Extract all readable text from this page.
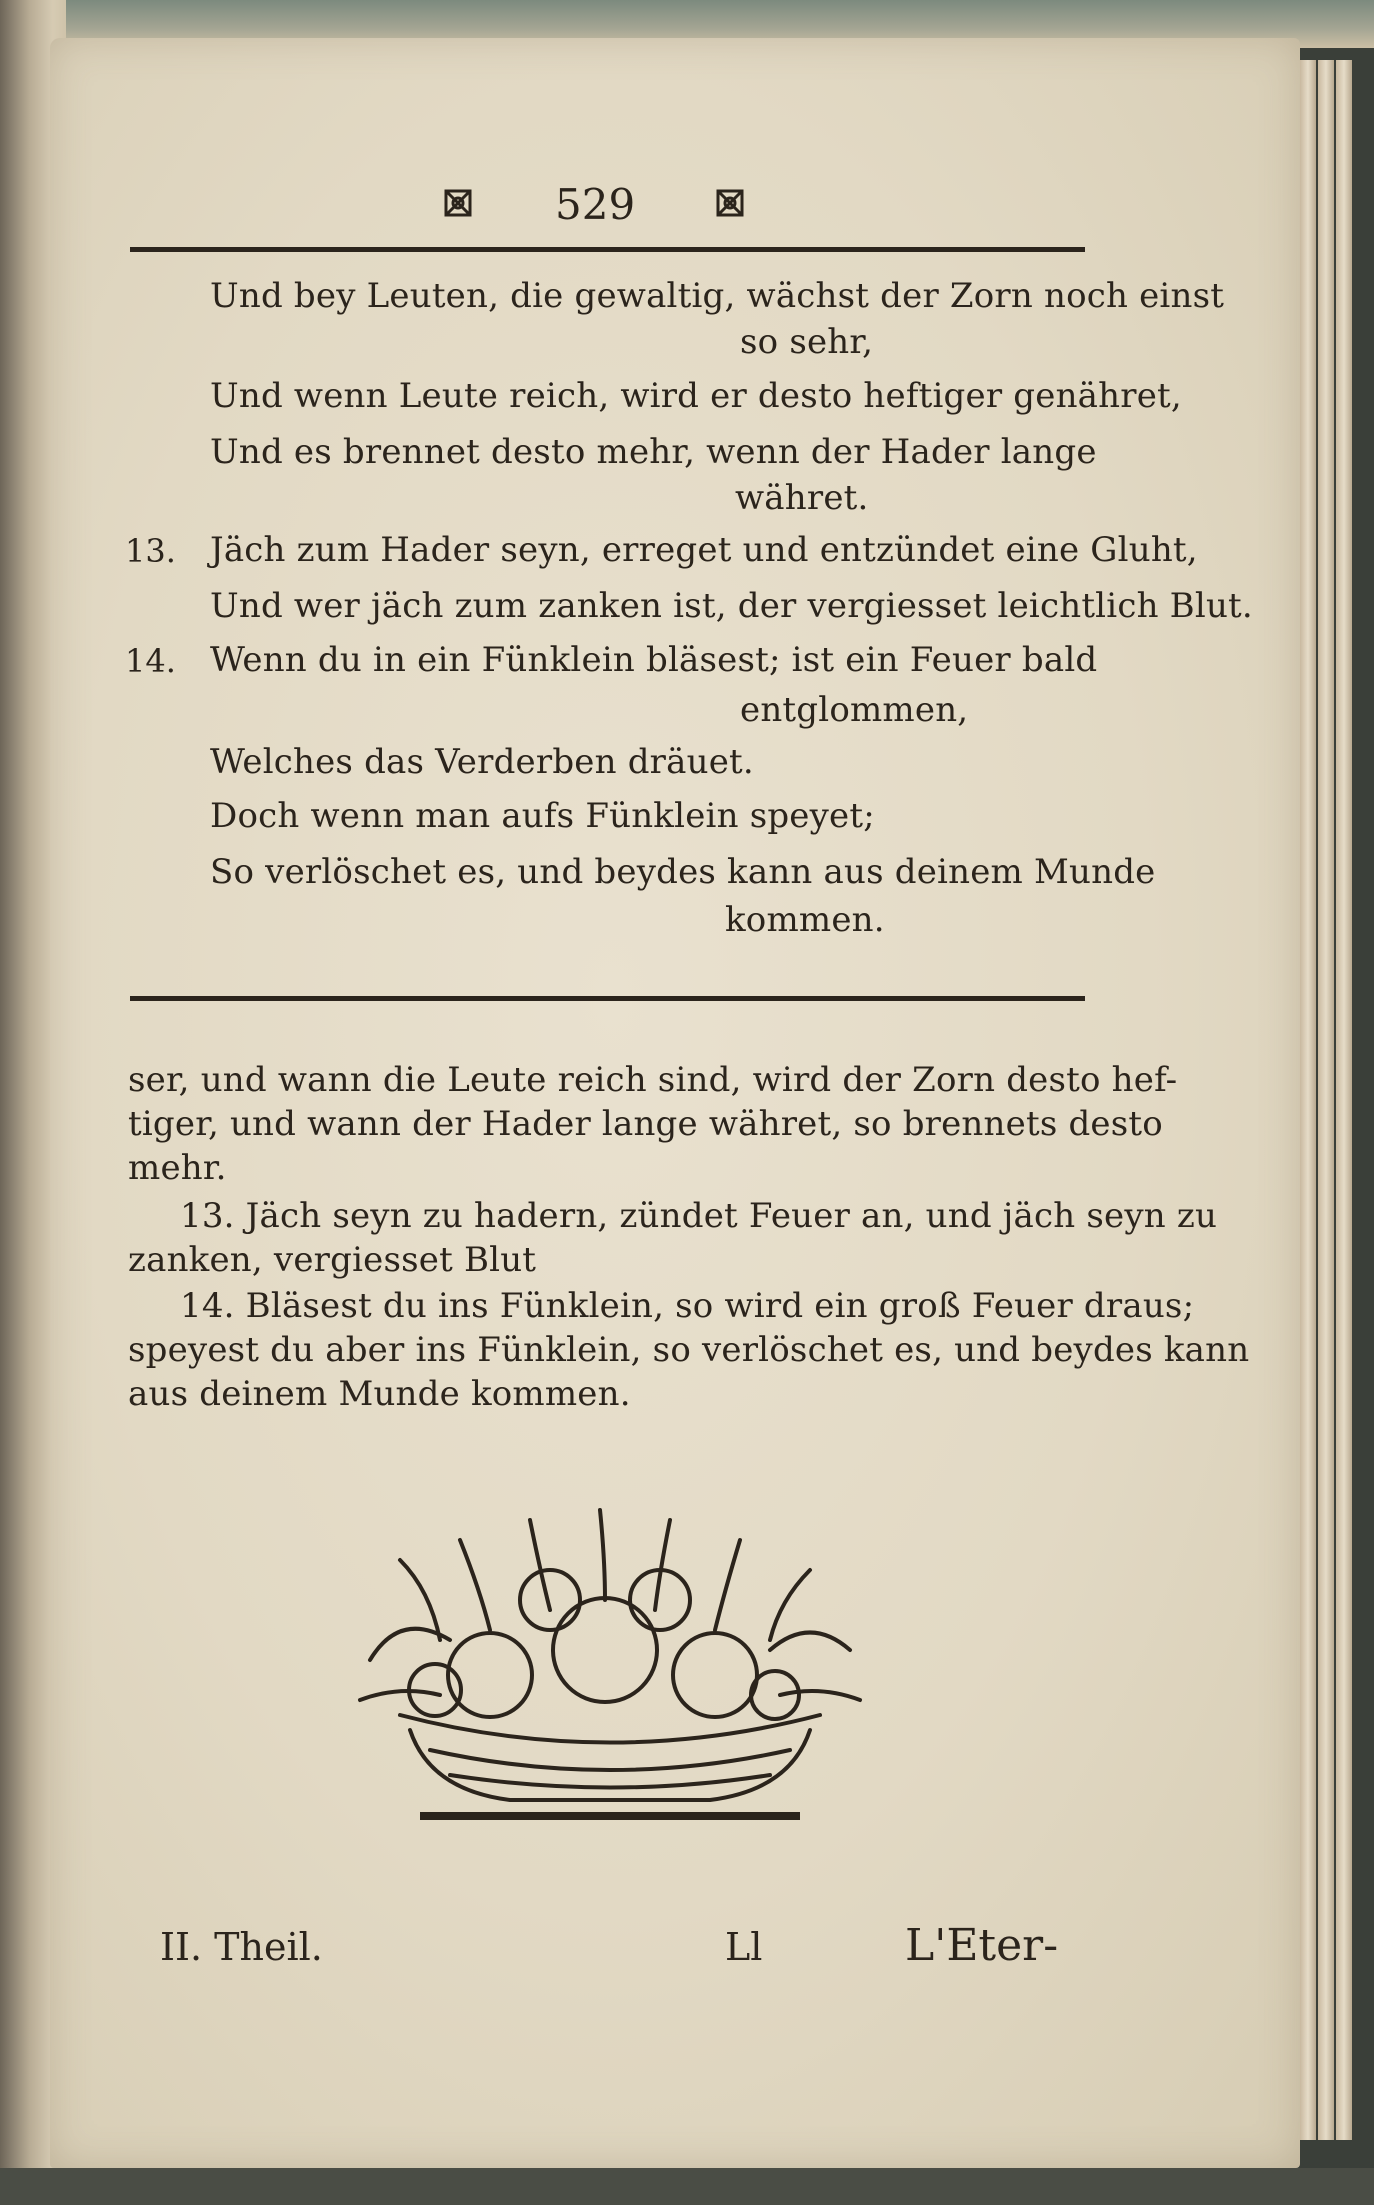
529
Und bey Leuten, die gewaltig, wächst der Zorn noch einst
so sehr,
Und wenn Leute reich, wird er desto heftiger genähret,
Und es brennet desto mehr, wenn der Hader lange
währet.
13. Jäch zum Hader seyn, erreget und entzündet eine Gluht,
Und wer jäch zum zanken ist, der vergiesset leichtlich Blut.
14. Wenn du in ein Fünklein bläsest; ist ein Feuer bald
entglommen,
Welches das Verderben dräuet.
Doch wenn man aufs Fünklein speyet;
So verlöschet es, und beydes kann aus deinem Munde
kommen.
ser, und wann die Leute reich sind, wird der Zorn desto hef-
tiger, und wann der Hader lange währet, so brennets desto
mehr.
13. Jäch seyn zu hadern, zündet Feuer an, und jäch seyn zu
zanken, vergiesset Blut
14. Bläsest du ins Fünklein, so wird ein groß Feuer draus;
speyest du aber ins Fünklein, so verlöschet es, und beydes kann
aus deinem Munde kommen.
II. Theil.	Ll	L'Eter-
